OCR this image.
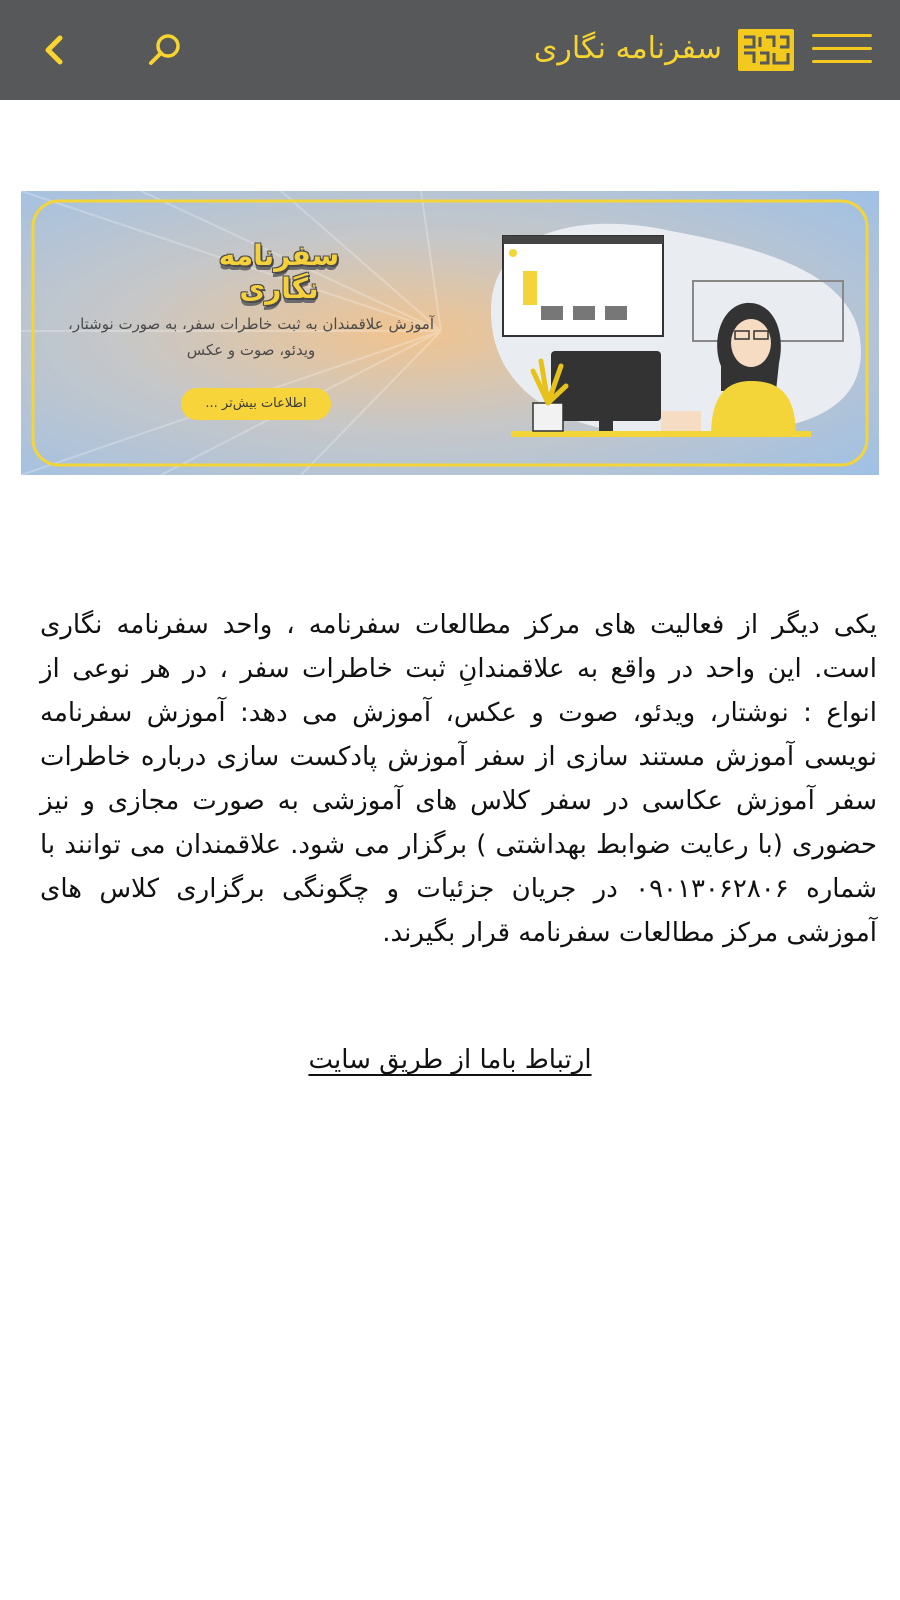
سفرنامه نگاری
سفرنامه نگاری
آموزش علاقمندان به ثبت خاطرات سفر، به صورت نوشتار، ویدئو، صوت و عکس
اطلاعات بیش‌تر ...
یکی دیگر از فعالیت های مرکز مطالعات سفرنامه ، واحد سفرنامه نگاری است. این واحد در واقع به علاقمندانِ ثبت خاطرات سفر ، در هر نوعی از انواع : نوشتار، ویدئو، صوت و عکس، آموزش می دهد: آموزش سفرنامه نویسی آموزش مستند سازی از سفر آموزش پادکست سازی درباره خاطرات سفر آموزش عکاسی در سفر کلاس های آموزشی به صورت مجازی و نیز حضوری (با رعایت ضوابط بهداشتی ) برگزار می شود. علاقمندان می توانند با شماره ۰۹۰۱۳۰۶۲۸۰۶ در جریان جزئیات و چگونگی برگزاری کلاس های آموزشی مرکز مطالعات سفرنامه قرار بگیرند.
ارتباط باما از طریق سایت
